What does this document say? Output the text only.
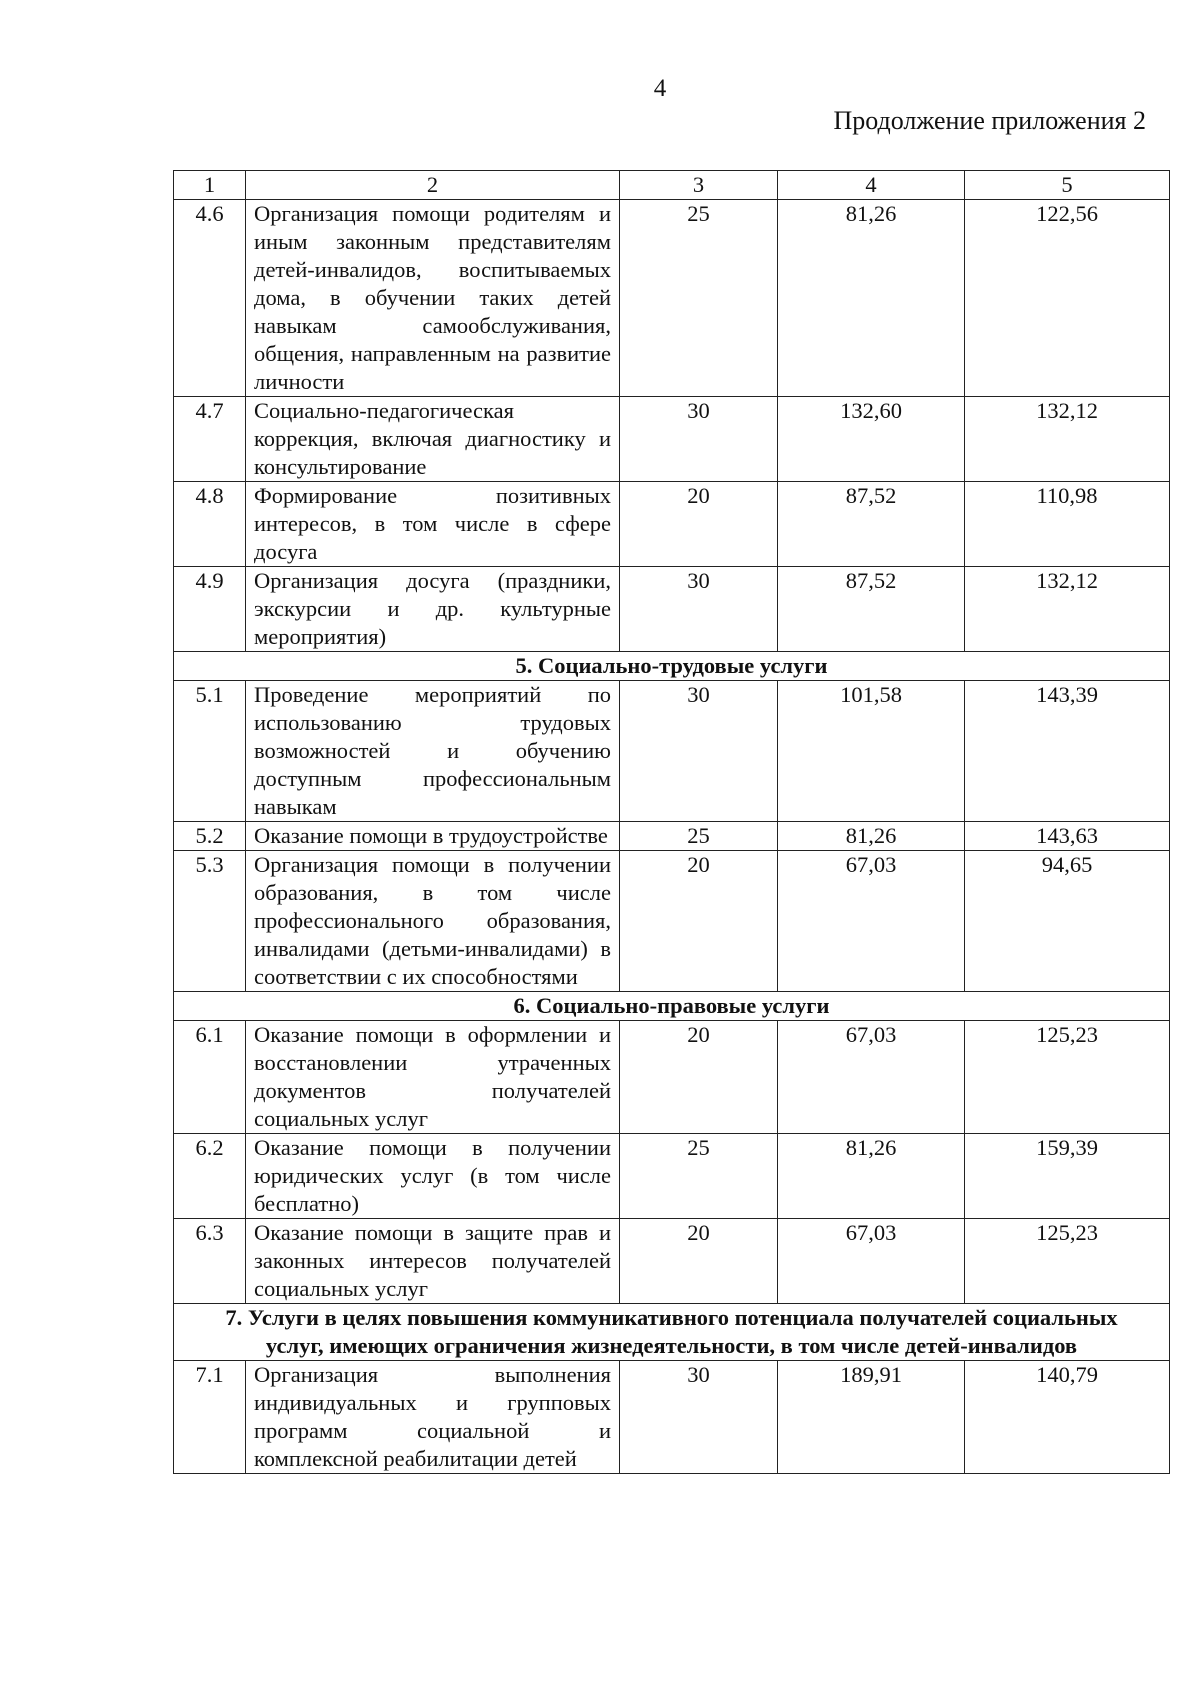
4
Продолжение приложения 2
1	2	3	4	5
4.6	Организация помощи родителям и иным законным представителям детей-инвалидов, воспитываемых дома, в обучении таких детей навыкам самообслуживания, общения, направленным на развитие личности	25	81,26	122,56
4.7	Социально-педагогическая коррекция, включая диагностику и консультирование	30	132,60	132,12
4.8	Формирование позитивных интересов, в том числе в сфере досуга	20	87,52	110,98
4.9	Организация досуга (праздники, экскурсии и др. культурные мероприятия)	30	87,52	132,12
5. Социально-трудовые услуги				
5.1	Проведение мероприятий по использованию трудовых возможностей и обучению доступным профессиональным навыкам	30	101,58	143,39
5.2	Оказание помощи в трудоустройстве	25	81,26	143,63
5.3	Организация помощи в получении образования, в том числе профессионального образования, инвалидами (детьми-инвалидами) в соответствии с их способностями	20	67,03	94,65
6. Социально-правовые услуги				
6.1	Оказание помощи в оформлении и восстановлении утраченных документов получателей социальных услуг	20	67,03	125,23
6.2	Оказание помощи в получении юридических услуг (в том числе бесплатно)	25	81,26	159,39
6.3	Оказание помощи в защите прав и законных интересов получателей социальных услуг	20	67,03	125,23
7. Услуги в целях повышения коммуникативного потенциала получателей социальных услуг, имеющих ограничения жизнедеятельности, в том числе детей-инвалидов				
7.1	Организация выполнения индивидуальных и групповых программ социальной и комплексной реабилитации детей	30	189,91	140,79
